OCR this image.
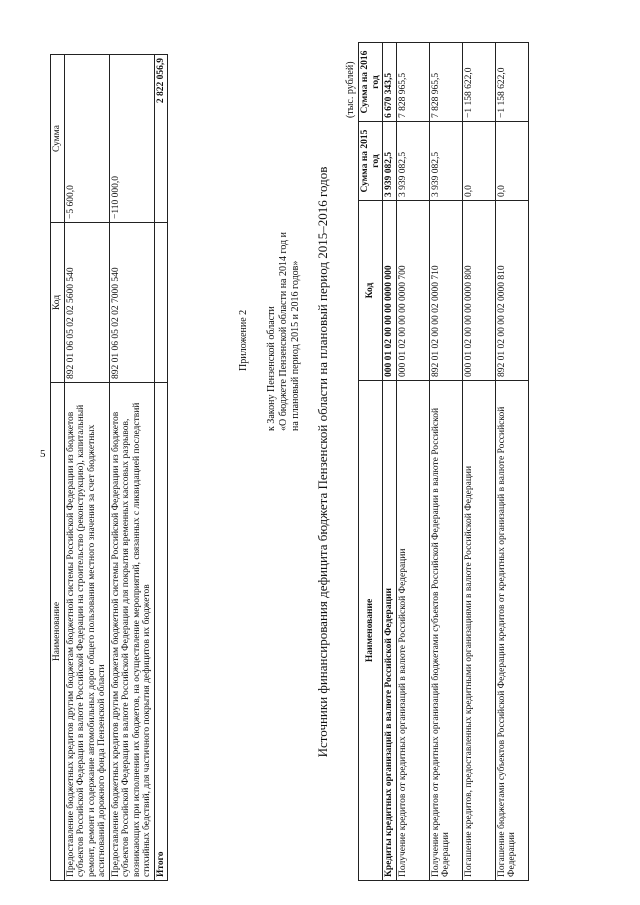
5
Наименование	Код	Сумма
Предоставление бюджетных кредитов другим бюджетам бюджетной системы Российской Федерации из бюджетов субъектов Российской Федерации в валюте Российской Федерации на строительство (реконструкцию), капитальный ремонт, ремонт и содержание автомобильных дорог общего пользования местного значения за счет бюджетных ассигнований дорожного фонда Пензенской области	892 01 06 05 02 02 5600 540	−5 600,0
Предоставление бюджетных кредитов другим бюджетам бюджетной системы Российской Федерации из бюджетов субъектов Российской Федерации в валюте Российской Федерации для покрытия временных кассовых разрывов, возникающих при исполнении их бюджетов, на осуществление мероприятий, связанных с ликвидацией последствий стихийных бедствий, для частичного покрытия дефицитов их бюджетов	892 01 06 05 02 02 7000 540	−110 000,0
Итого		2 822 056,9
Приложение 2 к Закону Пензенской области «О бюджете Пензенской области на 2014 год и на плановый период 2015 и 2016 годов» Источники финансирования дефицита бюджета Пензенской области на плановый период 2015–2016 годов
(тыс. рублей)
Наименование	Код	Сумма на 2015 год	Сумма на 2016 год
Кредиты кредитных организаций в валюте Российской Федерации	000 01 02 00 00 00 0000 000	3 939 082,5	6 670 343,5
Получение кредитов от кредитных организаций в валюте Российской Федерации	000 01 02 00 00 00 0000 700	3 939 082,5	7 828 965,5
Получение кредитов от кредитных организаций бюджетами субъектов Российской Федерации в валюте Российской Федерации	892 01 02 00 00 02 0000 710	3 939 082,5	7 828 965,5
Погашение кредитов, предоставленных кредитными организациями в валюте Российской Федерации	000 01 02 00 00 00 0000 800	0,0	−1 158 622,0
Погашение бюджетами субъектов Российской Федерации кредитов от кредитных организаций в валюте Российской Федерации	892 01 02 00 00 02 0000 810	0,0	−1 158 622,0
